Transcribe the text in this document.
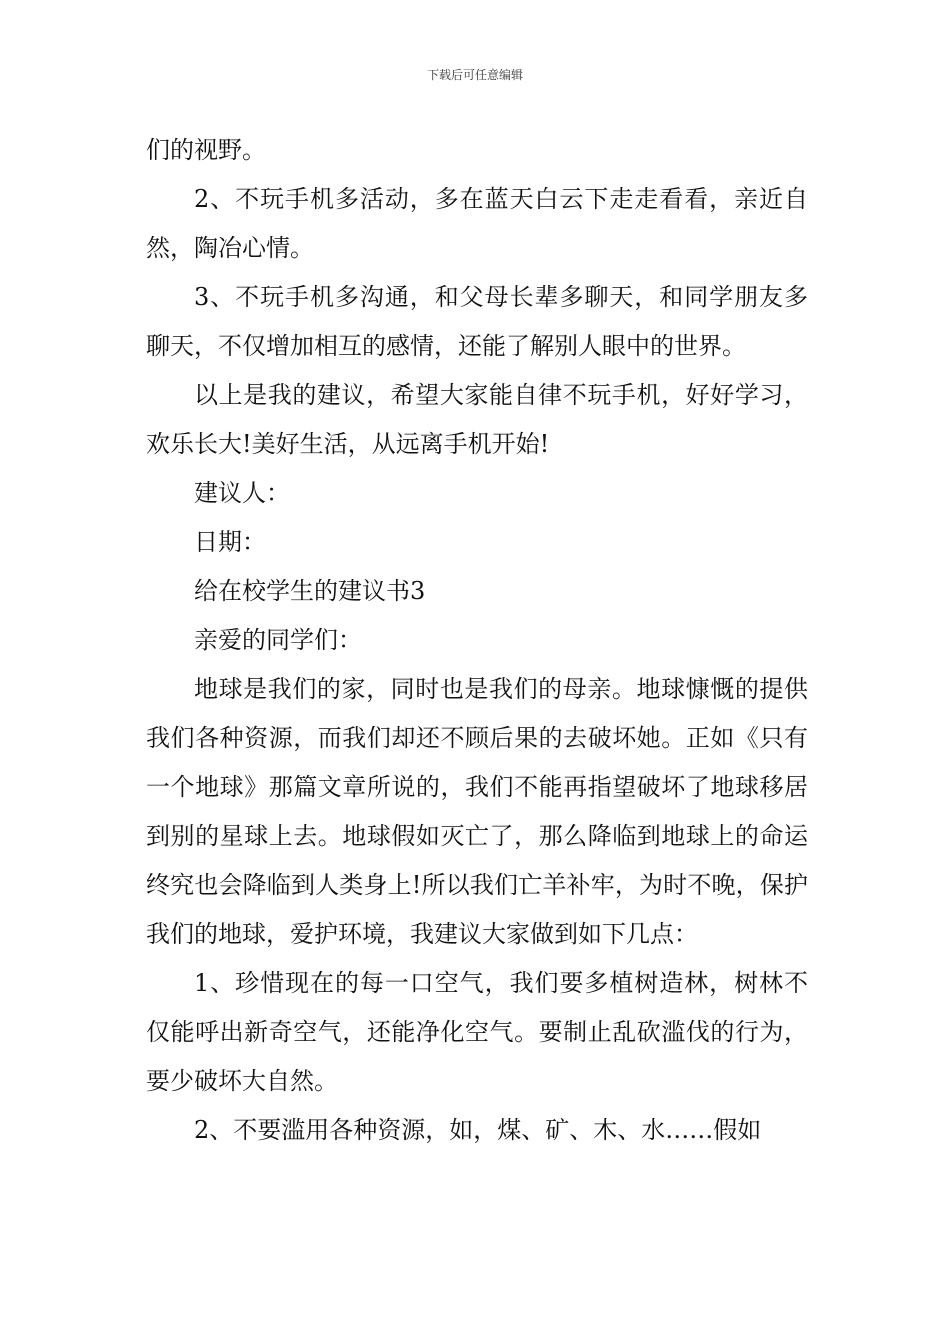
下载后可任意编辑

们的视野。

2、不玩手机多活动，多在蓝天白云下走走看看，亲近自然，陶冶心情。

3、不玩手机多沟通，和父母长辈多聊天，和同学朋友多聊天，不仅增加相互的感情，还能了解别人眼中的世界。

以上是我的建议，希望大家能自律不玩手机，好好学习，欢乐长大!美好生活，从远离手机开始!

建议人：

日期：

给在校学生的建议书3

亲爱的同学们：

地球是我们的家，同时也是我们的母亲。地球慷慨的提供我们各种资源，而我们却还不顾后果的去破坏她。正如《只有一个地球》那篇文章所说的，我们不能再指望破坏了地球移居到别的星球上去。地球假如灭亡了，那么降临到地球上的命运终究也会降临到人类身上!所以我们亡羊补牢，为时不晚，保护我们的地球，爱护环境，我建议大家做到如下几点：

1、珍惜现在的每一口空气，我们要多植树造林，树林不仅能呼出新奇空气，还能净化空气。要制止乱砍滥伐的行为，要少破坏大自然。

2、不要滥用各种资源，如，煤、矿、木、水……假如
